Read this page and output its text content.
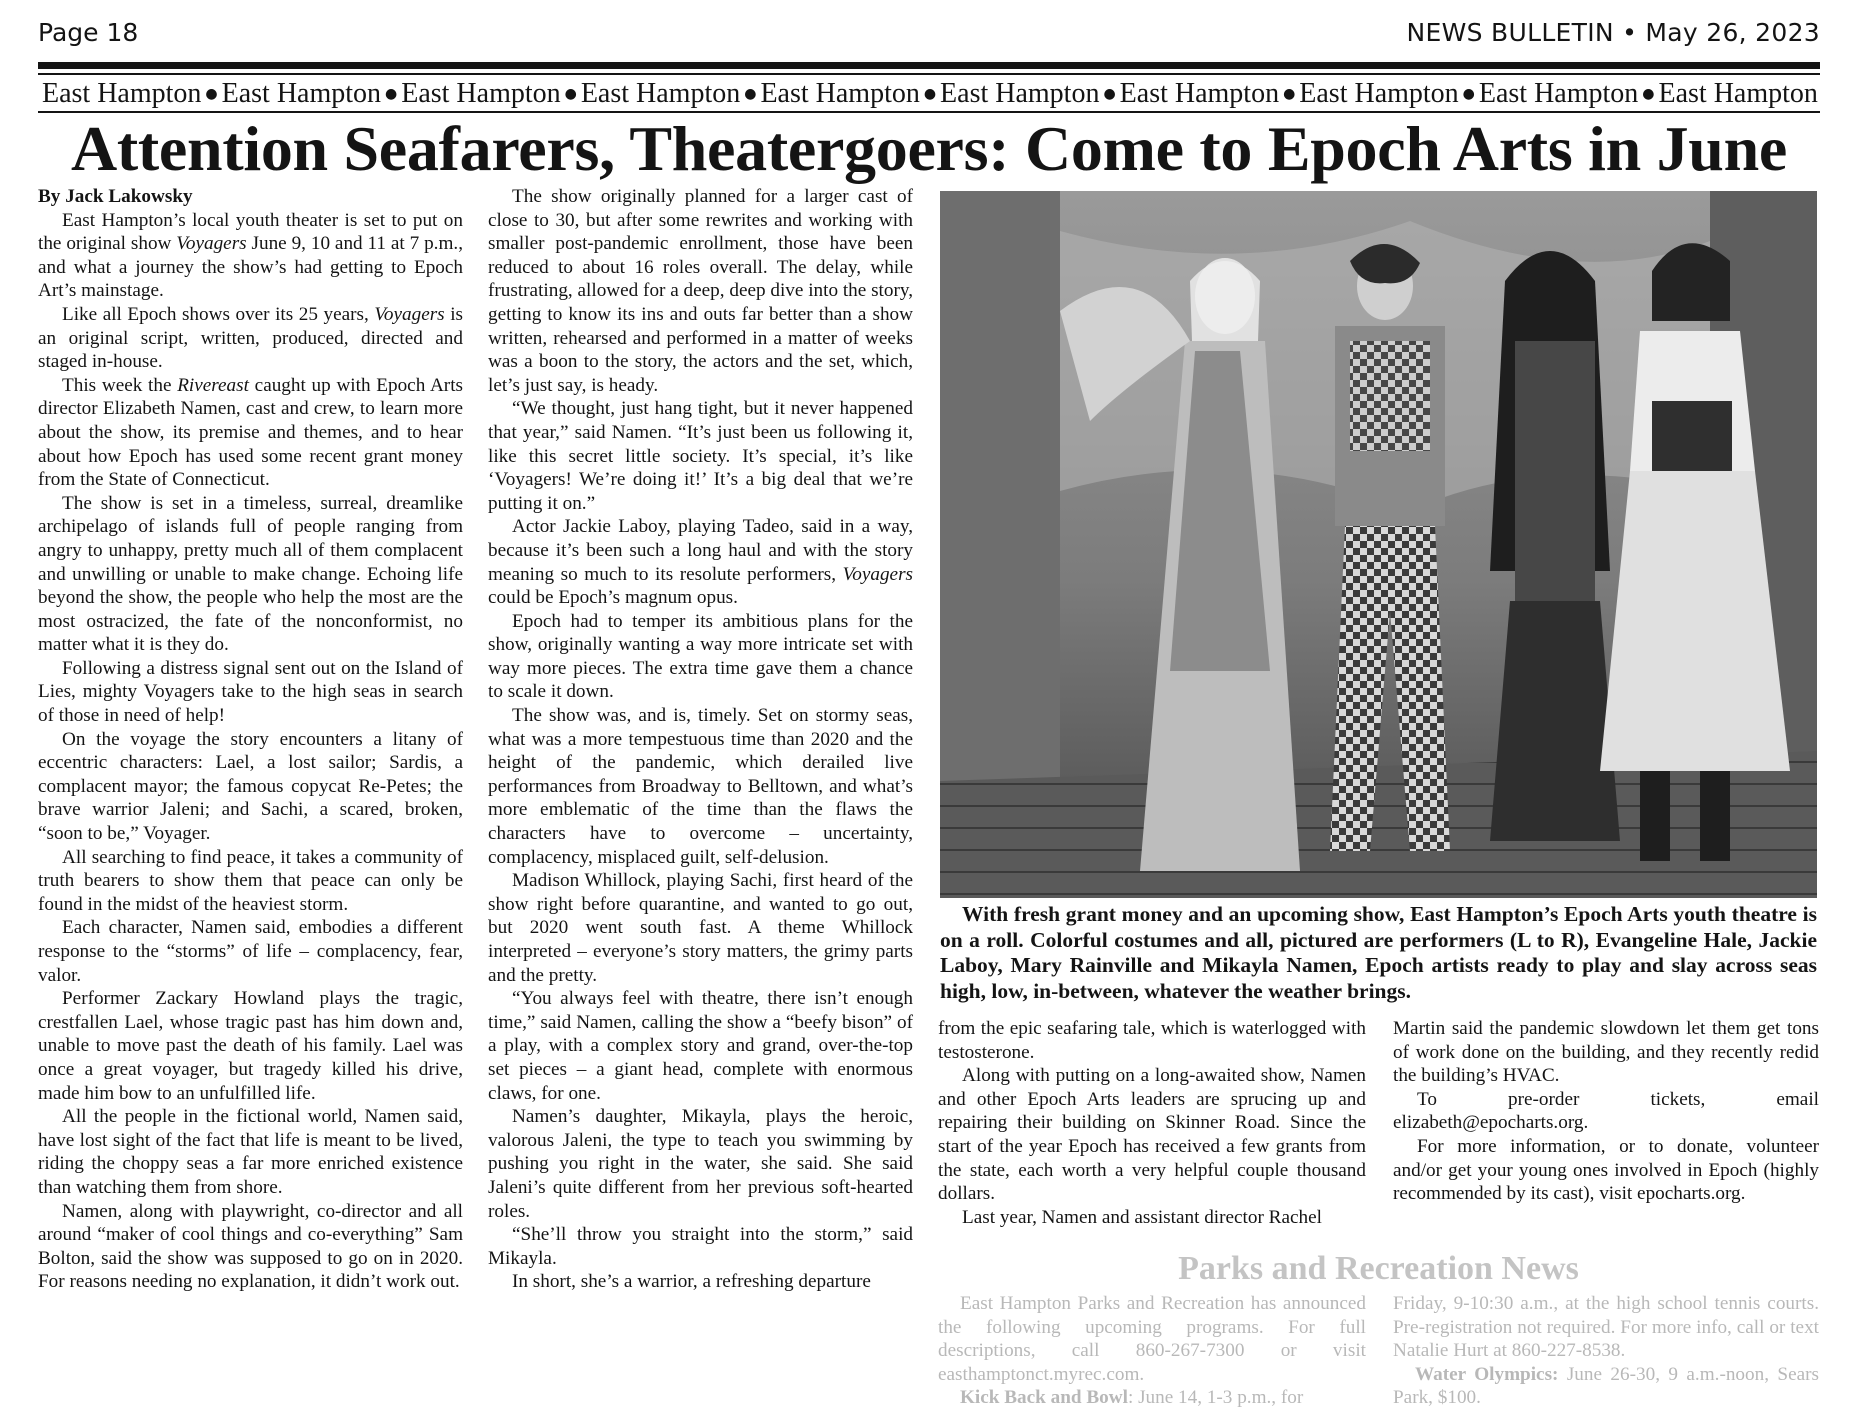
Page 18	NEWS BULLETIN • May 26, 2023
East Hampton ● East Hampton ● East Hampton ● East Hampton ● East Hampton ● East Hampton ● East Hampton ● East Hampton ● East Hampton ● East Hampton
Attention Seafarers, Theatergoers: Come to Epoch Arts in June

By Jack Lakowsky

East Hampton’s local youth theater is set to put on the original show Voyagers June 9, 10 and 11 at 7 p.m., and what a journey the show’s had getting to Epoch Art’s mainstage.

Like all Epoch shows over its 25 years, Voyagers is an original script, written, produced, directed and staged in-house.

This week the Rivereast caught up with Epoch Arts director Elizabeth Namen, cast and crew, to learn more about the show, its premise and themes, and to hear about how Epoch has used some recent grant money from the State of Connecticut.

The show is set in a timeless, surreal, dreamlike archipelago of islands full of people ranging from angry to unhappy, pretty much all of them complacent and unwilling or unable to make change. Echoing life beyond the show, the people who help the most are the most ostracized, the fate of the nonconformist, no matter what it is they do.

Following a distress signal sent out on the Island of Lies, mighty Voyagers take to the high seas in search of those in need of help!

On the voyage the story encounters a litany of eccentric characters: Lael, a lost sailor; Sardis, a complacent mayor; the famous copycat Re-Petes; the brave warrior Jaleni; and Sachi, a scared, broken, “soon to be,” Voyager.

All searching to find peace, it takes a community of truth bearers to show them that peace can only be found in the midst of the heaviest storm.

Each character, Namen said, embodies a different response to the “storms” of life – complacency, fear, valor.

Performer Zackary Howland plays the tragic, crestfallen Lael, whose tragic past has him down and, unable to move past the death of his family. Lael was once a great voyager, but tragedy killed his drive, made him bow to an unfulfilled life.

All the people in the fictional world, Namen said, have lost sight of the fact that life is meant to be lived, riding the choppy seas a far more enriched existence than watching them from shore.

Namen, along with playwright, co-director and all around “maker of cool things and co-everything” Sam Bolton, said the show was supposed to go on in 2020. For reasons needing no explanation, it didn’t work out.

The show originally planned for a larger cast of close to 30, but after some rewrites and working with smaller post-pandemic enrollment, those have been reduced to about 16 roles overall. The delay, while frustrating, allowed for a deep, deep dive into the story, getting to know its ins and outs far better than a show written, rehearsed and performed in a matter of weeks was a boon to the story, the actors and the set, which, let’s just say, is heady.

“We thought, just hang tight, but it never happened that year,” said Namen. “It’s just been us following it, like this secret little society. It’s special, it’s like ‘Voyagers! We’re doing it!’ It’s a big deal that we’re putting it on.”

Actor Jackie Laboy, playing Tadeo, said in a way, because it’s been such a long haul and with the story meaning so much to its resolute performers, Voyagers could be Epoch’s magnum opus.

Epoch had to temper its ambitious plans for the show, originally wanting a way more intricate set with way more pieces. The extra time gave them a chance to scale it down.

The show was, and is, timely. Set on stormy seas, what was a more tempestuous time than 2020 and the height of the pandemic, which derailed live performances from Broadway to Belltown, and what’s more emblematic of the time than the flaws the characters have to overcome – uncertainty, complacency, misplaced guilt, self-delusion.

Madison Whillock, playing Sachi, first heard of the show right before quarantine, and wanted to go out, but 2020 went south fast. A theme Whillock interpreted – everyone’s story matters, the grimy parts and the pretty.

“You always feel with theatre, there isn’t enough time,” said Namen, calling the show a “beefy bison” of a play, with a complex story and grand, over-the-top set pieces – a giant head, complete with enormous claws, for one.

Namen’s daughter, Mikayla, plays the heroic, valorous Jaleni, the type to teach you swimming by pushing you right in the water, she said. She said Jaleni’s quite different from her previous soft-hearted roles.

“She’ll throw you straight into the storm,” said Mikayla.

In short, she’s a warrior, a refreshing departure

With fresh grant money and an upcoming show, East Hampton’s Epoch Arts youth theatre is on a roll. Colorful costumes and all, pictured are performers (L to R), Evangeline Hale, Jackie Laboy, Mary Rainville and Mikayla Namen, Epoch artists ready to play and slay across seas high, low, in-between, whatever the weather brings.

from the epic seafaring tale, which is waterlogged with testosterone.

Along with putting on a long-awaited show, Namen and other Epoch Arts leaders are sprucing up and repairing their building on Skinner Road. Since the start of the year Epoch has received a few grants from the state, each worth a very helpful couple thousand dollars.

Last year, Namen and assistant director Rachel

Martin said the pandemic slowdown let them get tons of work done on the building, and they recently redid the building’s HVAC.

To pre-order tickets, email elizabeth@epocharts.org.

For more information, or to donate, volunteer and/or get your young ones involved in Epoch (highly recommended by its cast), visit epocharts.org.

Parks and Recreation News

East Hampton Parks and Recreation has announced the following upcoming programs. For full descriptions, call 860-267-7300 or visit easthamptonct.myrec.com.

Kick Back and Bowl: June 14, 1-3 p.m., for

Friday, 9-10:30 a.m., at the high school tennis courts. Pre-registration not required. For more info, call or text Natalie Hurt at 860-227-8538.

Water Olympics: June 26-30, 9 a.m.-noon, Sears Park, $100.
